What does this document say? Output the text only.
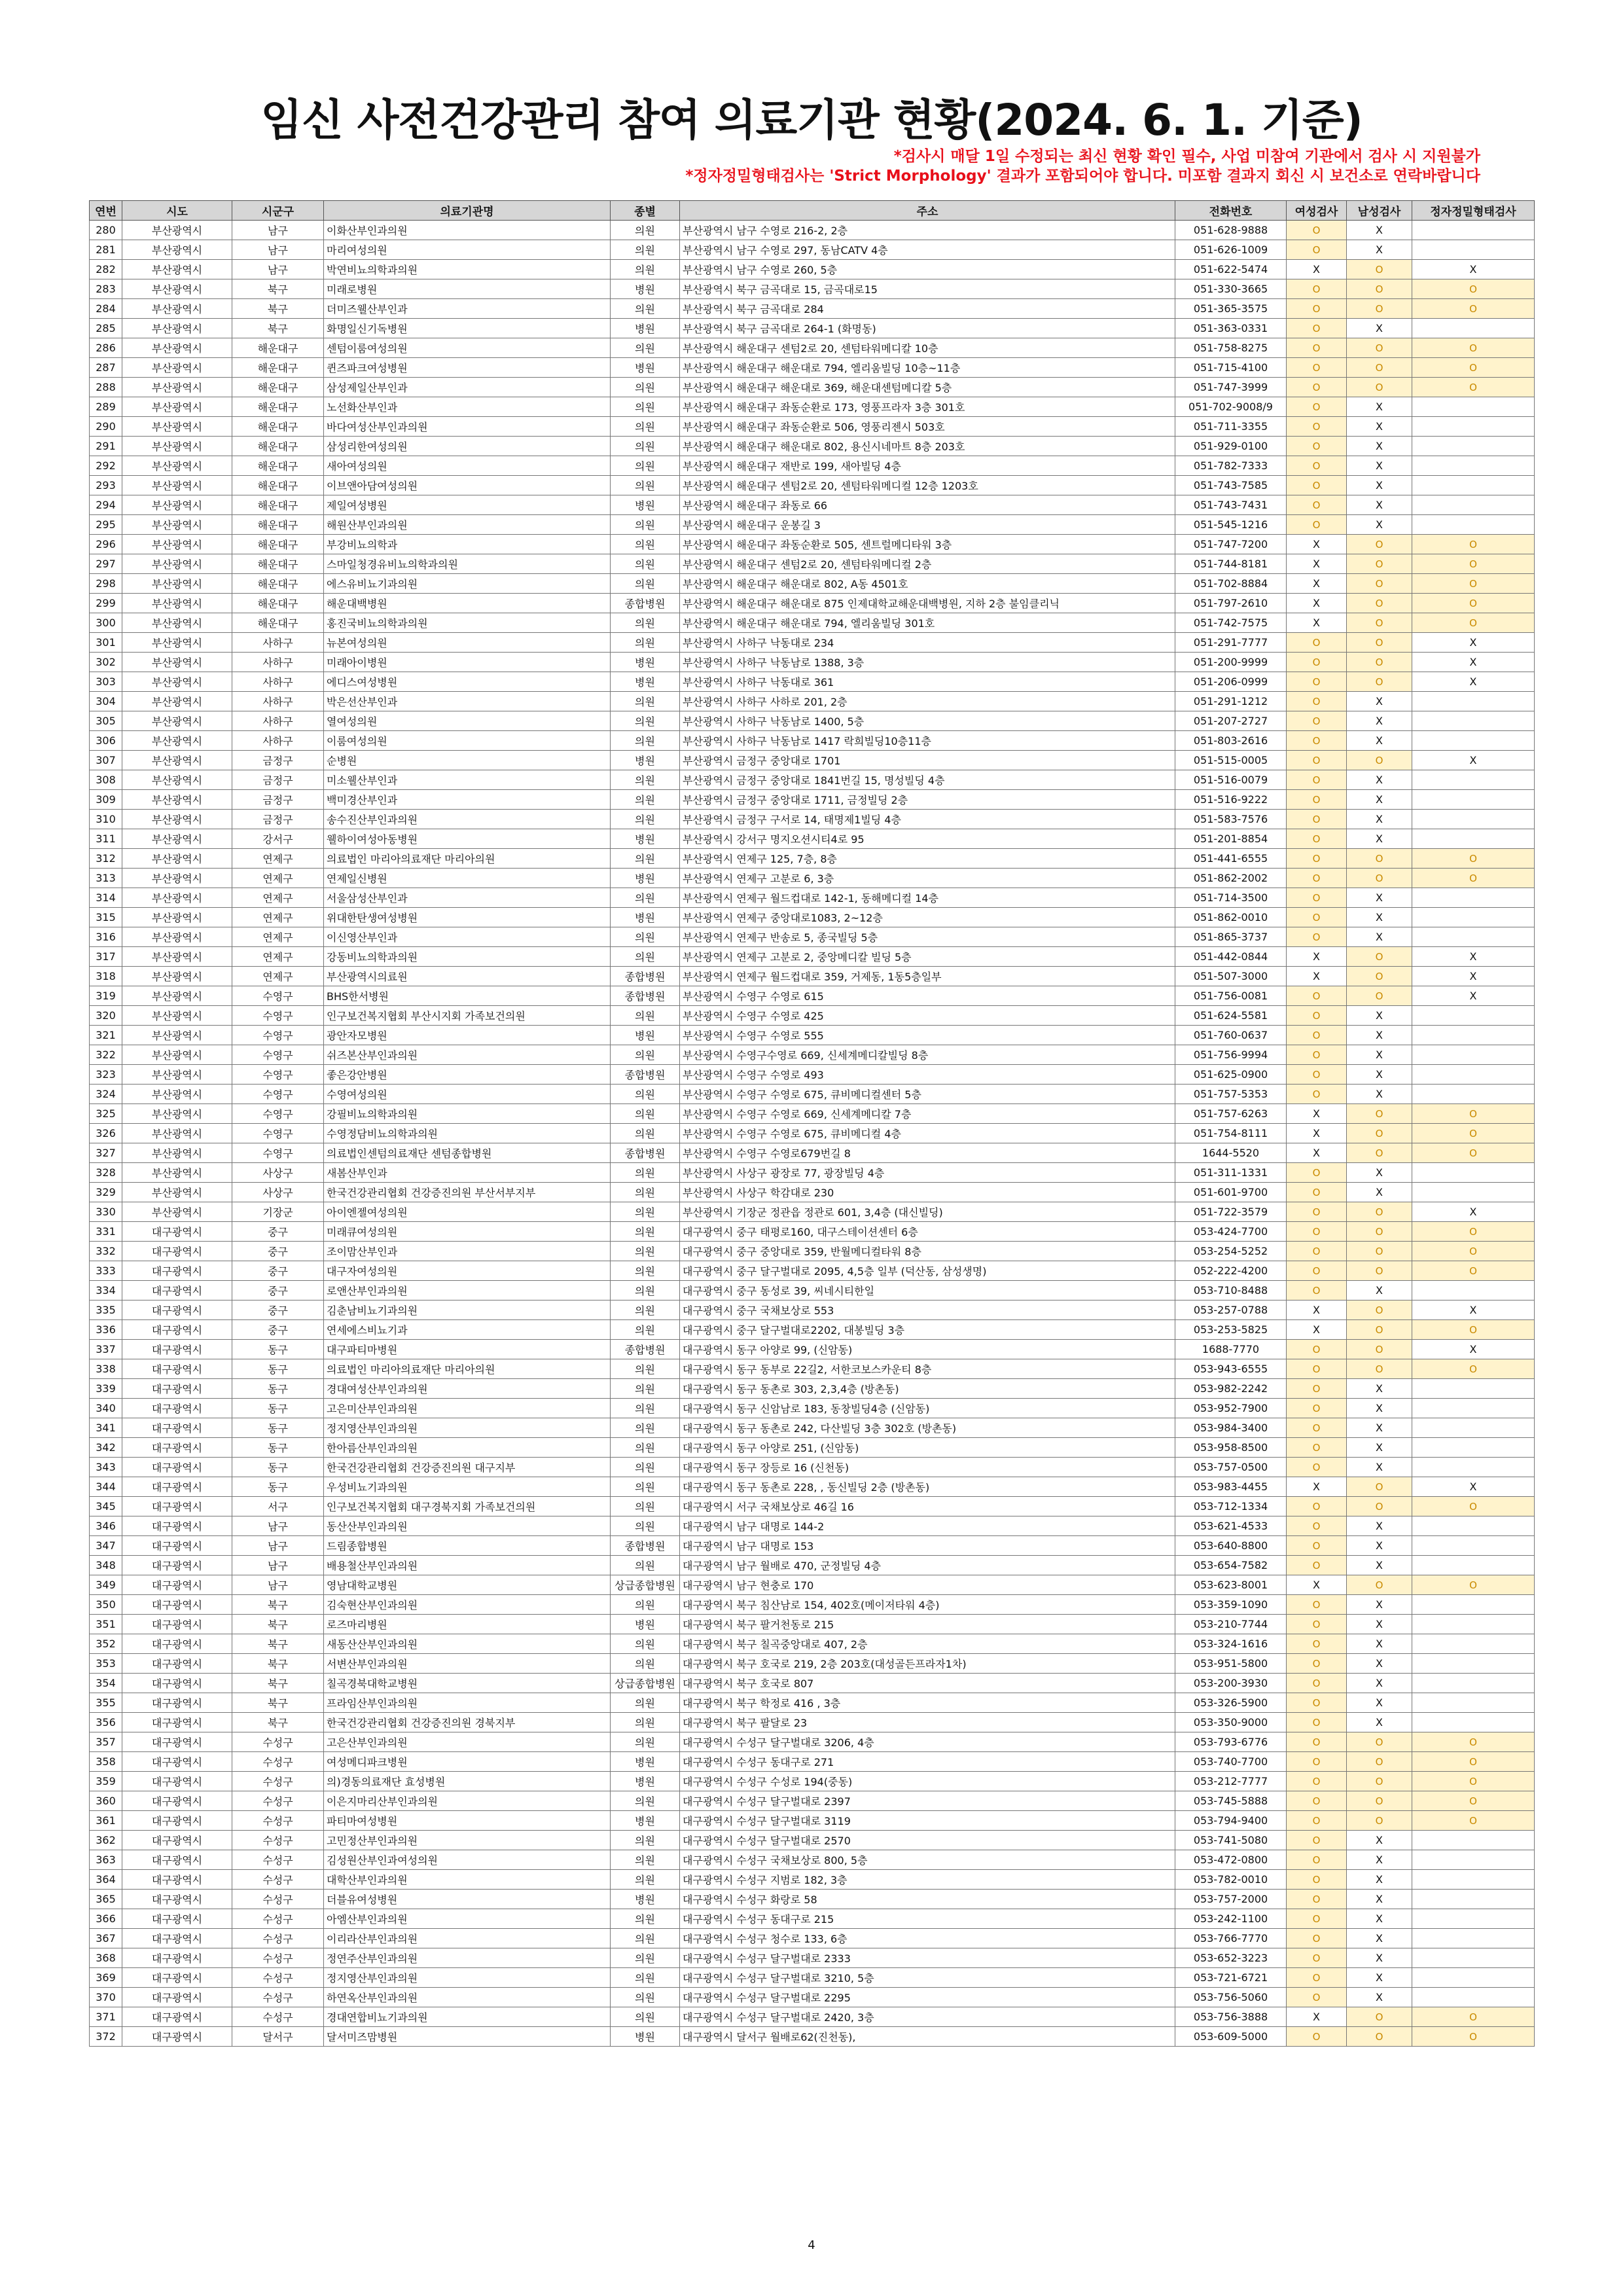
임신 사전건강관리 참여 의료기관 현황(2024. 6. 1. 기준)
*검사시 매달 1일 수정되는 최신 현황 확인 필수, 사업 미참여 기관에서 검사 시 지원불가
*정자정밀형태검사는 'Strict Morphology' 결과가 포함되어야 합니다. 미포함 결과지 회신 시 보건소로 연락바랍니다
연번	시도	시군구	의료기관명	종별	주소	전화번호	여성검사	남성검사	정자정밀형태검사
280	부산광역시	남구	이화산부인과의원	의원	부산광역시 남구 수영로 216-2, 2층	051-628-9888	O	X	
281	부산광역시	남구	마리여성의원	의원	부산광역시 남구 수영로 297, 동남CATV 4층	051-626-1009	O	X	
282	부산광역시	남구	박연비뇨의학과의원	의원	부산광역시 남구 수영로 260, 5층	051-622-5474	X	O	X
283	부산광역시	북구	미래로병원	병원	부산광역시 북구 금곡대로 15, 금곡대로15	051-330-3665	O	O	O
284	부산광역시	북구	더미즈웰산부인과	의원	부산광역시 북구 금곡대로 284	051-365-3575	O	O	O
285	부산광역시	북구	화명일신기독병원	병원	부산광역시 북구 금곡대로 264-1 (화명동)	051-363-0331	O	X	
286	부산광역시	해운대구	센텀이룸여성의원	의원	부산광역시 해운대구 센텀2로 20, 센텀타워메디칼 10층	051-758-8275	O	O	O
287	부산광역시	해운대구	퀸즈파크여성병원	병원	부산광역시 해운대구 해운대로 794, 엘리움빌딩 10층~11층	051-715-4100	O	O	O
288	부산광역시	해운대구	삼성제일산부인과	의원	부산광역시 해운대구 해운대로 369, 해운대센텀메디칼 5층	051-747-3999	O	O	O
289	부산광역시	해운대구	노선화산부인과	의원	부산광역시 해운대구 좌동순환로 173, 영풍프라자 3층 301호	051-702-9008/9	O	X	
290	부산광역시	해운대구	바다여성산부인과의원	의원	부산광역시 해운대구 좌동순환로 506, 영풍리젠시 503호	051-711-3355	O	X	
291	부산광역시	해운대구	삼성리한여성의원	의원	부산광역시 해운대구 해운대로 802, 용신시네마트 8층 203호	051-929-0100	O	X	
292	부산광역시	해운대구	새아여성의원	의원	부산광역시 해운대구 재반로 199, 새아빌딩 4층	051-782-7333	O	X	
293	부산광역시	해운대구	이브앤아담여성의원	의원	부산광역시 해운대구 센텀2로 20, 센텀타워메디컬 12층 1203호	051-743-7585	O	X	
294	부산광역시	해운대구	제일여성병원	병원	부산광역시 해운대구 좌동로 66	051-743-7431	O	X	
295	부산광역시	해운대구	해원산부인과의원	의원	부산광역시 해운대구 운봉길 3	051-545-1216	O	X	
296	부산광역시	해운대구	부강비뇨의학과	의원	부산광역시 해운대구 좌동순환로 505, 센트럴메디타워 3층	051-747-7200	X	O	O
297	부산광역시	해운대구	스마일청경유비뇨의학과의원	의원	부산광역시 해운대구 센텀2로 20, 센텀타워메디컬 2층	051-744-8181	X	O	O
298	부산광역시	해운대구	에스유비뇨기과의원	의원	부산광역시 해운대구 해운대로 802, A동 4501호	051-702-8884	X	O	O
299	부산광역시	해운대구	해운대백병원	종합병원	부산광역시 해운대구 해운대로 875 인제대학교해운대백병원, 지하 2층 불임클리닉	051-797-2610	X	O	O
300	부산광역시	해운대구	홍진국비뇨의학과의원	의원	부산광역시 해운대구 해운대로 794, 엘리움빌딩 301호	051-742-7575	X	O	O
301	부산광역시	사하구	뉴본여성의원	의원	부산광역시 사하구 낙동대로 234	051-291-7777	O	O	X
302	부산광역시	사하구	미래아이병원	병원	부산광역시 사하구 낙동남로 1388, 3층	051-200-9999	O	O	X
303	부산광역시	사하구	에디스여성병원	병원	부산광역시 사하구 낙동대로 361	051-206-0999	O	O	X
304	부산광역시	사하구	박은선산부인과	의원	부산광역시 사하구 사하로 201, 2층	051-291-1212	O	X	
305	부산광역시	사하구	열여성의원	의원	부산광역시 사하구 낙동남로 1400, 5층	051-207-2727	O	X	
306	부산광역시	사하구	이룸여성의원	의원	부산광역시 사하구 낙동남로 1417 락희빌딩10층11층	051-803-2616	O	X	
307	부산광역시	금정구	순병원	병원	부산광역시 금정구 중앙대로 1701	051-515-0005	O	O	X
308	부산광역시	금정구	미소웰산부인과	의원	부산광역시 금정구 중앙대로 1841번길 15, 명성빌딩 4층	051-516-0079	O	X	
309	부산광역시	금정구	백미경산부인과	의원	부산광역시 금정구 중앙대로 1711, 금정빌딩 2층	051-516-9222	O	X	
310	부산광역시	금정구	송수진산부인과의원	의원	부산광역시 금정구 구서로 14, 태명제1빌딩 4층	051-583-7576	O	X	
311	부산광역시	강서구	웰하이여성아동병원	병원	부산광역시 강서구 명지오션시티4로 95	051-201-8854	O	X	
312	부산광역시	연제구	의료법인 마리아의료재단 마리아의원	의원	부산광역시 연제구 125, 7층, 8층	051-441-6555	O	O	O
313	부산광역시	연제구	연제일신병원	병원	부산광역시 연제구 고분로 6, 3층	051-862-2002	O	O	O
314	부산광역시	연제구	서울삼성산부인과	의원	부산광역시 연제구 월드컵대로 142-1, 동해메디컬 14층	051-714-3500	O	X	
315	부산광역시	연제구	위대한탄생여성병원	병원	부산광역시 연제구 중앙대로1083, 2~12층	051-862-0010	O	X	
316	부산광역시	연제구	이신영산부인과	의원	부산광역시 연제구 반송로 5, 종국빌딩 5층	051-865-3737	O	X	
317	부산광역시	연제구	강동비뇨의학과의원	의원	부산광역시 연제구 고분로 2, 중앙메디칼 빌딩 5층	051-442-0844	X	O	X
318	부산광역시	연제구	부산광역시의료원	종합병원	부산광역시 연제구 월드컵대로 359, 거제동, 1동5층일부	051-507-3000	X	O	X
319	부산광역시	수영구	BHS한서병원	종합병원	부산광역시 수영구 수영로 615	051-756-0081	O	O	X
320	부산광역시	수영구	인구보건복지협회 부산시지회 가족보건의원	의원	부산광역시 수영구 수영로 425	051-624-5581	O	X	
321	부산광역시	수영구	광안자모병원	병원	부산광역시 수영구 수영로 555	051-760-0637	O	X	
322	부산광역시	수영구	쉬즈본산부인과의원	의원	부산광역시 수영구수영로 669, 신세계메디칼빌딩 8층	051-756-9994	O	X	
323	부산광역시	수영구	좋은강안병원	종합병원	부산광역시 수영구 수영로 493	051-625-0900	O	X	
324	부산광역시	수영구	수영여성의원	의원	부산광역시 수영구 수영로 675, 큐비메디컬센터 5층	051-757-5353	O	X	
325	부산광역시	수영구	강필비뇨의학과의원	의원	부산광역시 수영구 수영로 669, 신세계메디칼 7층	051-757-6263	X	O	O
326	부산광역시	수영구	수영정담비뇨의학과의원	의원	부산광역시 수영구 수영로 675, 큐비메디컬 4층	051-754-8111	X	O	O
327	부산광역시	수영구	의료법인센텀의료재단 센텀종합병원	종합병원	부산광역시 수영구 수영로679번길 8	1644-5520	X	O	O
328	부산광역시	사상구	새봄산부인과	의원	부산광역시 사상구 광장로 77, 광장빌딩 4층	051-311-1331	O	X	
329	부산광역시	사상구	한국건강관리협회 건강증진의원 부산서부지부	의원	부산광역시 사상구 학감대로 230	051-601-9700	O	X	
330	부산광역시	기장군	아이엔젤여성의원	의원	부산광역시 기장군 정관읍 정관로 601, 3,4층 (대신빌딩)	051-722-3579	O	O	X
331	대구광역시	중구	미래큐여성의원	의원	대구광역시 중구 태평로160, 대구스테이션센터 6층	053-424-7700	O	O	O
332	대구광역시	중구	조이맘산부인과	의원	대구광역시 중구 중앙대로 359, 반월메디컬타워 8층	053-254-5252	O	O	O
333	대구광역시	중구	대구자여성의원	의원	대구광역시 중구 달구벌대로 2095, 4,5층 일부 (덕산동, 삼성생명)	052-222-4200	O	O	O
334	대구광역시	중구	로앤산부인과의원	의원	대구광역시 중구 동성로 39, 씨네시티한일	053-710-8488	O	X	
335	대구광역시	중구	김춘남비뇨기과의원	의원	대구광역시 중구 국채보상로 553	053-257-0788	X	O	X
336	대구광역시	중구	연세에스비뇨기과	의원	대구광역시 중구 달구벌대로2202, 대봉빌딩 3층	053-253-5825	X	O	O
337	대구광역시	동구	대구파티마병원	종합병원	대구광역시 동구 아양로 99, (신암동)	1688-7770	O	O	X
338	대구광역시	동구	의료법인 마리아의료재단 마리아의원	의원	대구광역시 동구 동부로 22길2, 서한코보스카운티 8층	053-943-6555	O	O	O
339	대구광역시	동구	경대여성산부인과의원	의원	대구광역시 동구 동촌로 303, 2,3,4층 (방촌동)	053-982-2242	O	X	
340	대구광역시	동구	고은미산부인과의원	의원	대구광역시 동구 신암남로 183, 동창빌딩4층 (신암동)	053-952-7900	O	X	
341	대구광역시	동구	정지영산부인과의원	의원	대구광역시 동구 동촌로 242, 다산빌딩 3층 302호 (방촌동)	053-984-3400	O	X	
342	대구광역시	동구	한아름산부인과의원	의원	대구광역시 동구 아양로 251, (신암동)	053-958-8500	O	X	
343	대구광역시	동구	한국건강관리협회 건강증진의원 대구지부	의원	대구광역시 동구 장등로 16 (신천동)	053-757-0500	O	X	
344	대구광역시	동구	우성비뇨기과의원	의원	대구광역시 동구 동촌로 228, , 동신빌딩 2층 (방촌동)	053-983-4455	X	O	X
345	대구광역시	서구	인구보건복지협회 대구경북지회 가족보건의원	의원	대구광역시 서구 국채보상로 46길 16	053-712-1334	O	O	O
346	대구광역시	남구	동산산부인과의원	의원	대구광역시 남구 대명로 144-2	053-621-4533	O	X	
347	대구광역시	남구	드림종합병원	종합병원	대구광역시 남구 대명로 153	053-640-8800	O	X	
348	대구광역시	남구	배용철산부인과의원	의원	대구광역시 남구 월배로 470, 군정빌딩 4층	053-654-7582	O	X	
349	대구광역시	남구	영남대학교병원	상급종합병원	대구광역시 남구 현충로 170	053-623-8001	X	O	O
350	대구광역시	북구	김숙현산부인과의원	의원	대구광역시 북구 침산남로 154, 402호(메이저타워 4층)	053-359-1090	O	X	
351	대구광역시	북구	로즈마리병원	병원	대구광역시 북구 팔거천동로 215	053-210-7744	O	X	
352	대구광역시	북구	새동산산부인과의원	의원	대구광역시 북구 칠곡중앙대로 407, 2층	053-324-1616	O	X	
353	대구광역시	북구	서변산부인과의원	의원	대구광역시 북구 호국로 219, 2층 203호(대성골든프라자1차)	053-951-5800	O	X	
354	대구광역시	북구	칠곡경북대학교병원	상급종합병원	대구광역시 북구 호국로 807	053-200-3930	O	X	
355	대구광역시	북구	프라임산부인과의원	의원	대구광역시 북구 학정로 416 , 3층	053-326-5900	O	X	
356	대구광역시	북구	한국건강관리협회 건강증진의원 경북지부	의원	대구광역시 북구 팔달로 23	053-350-9000	O	X	
357	대구광역시	수성구	고은산부인과의원	의원	대구광역시 수성구 달구벌대로 3206, 4층	053-793-6776	O	O	O
358	대구광역시	수성구	여성메디파크병원	병원	대구광역시 수성구 동대구로 271	053-740-7700	O	O	O
359	대구광역시	수성구	의)경동의료재단 효성병원	병원	대구광역시 수성구 수성로 194(중동)	053-212-7777	O	O	O
360	대구광역시	수성구	이은지마리산부인과의원	의원	대구광역시 수성구 달구벌대로 2397	053-745-5888	O	O	O
361	대구광역시	수성구	파티마여성병원	병원	대구광역시 수성구 달구벌대로 3119	053-794-9400	O	O	O
362	대구광역시	수성구	고민정산부인과의원	의원	대구광역시 수성구 달구벌대로 2570	053-741-5080	O	X	
363	대구광역시	수성구	김성원산부인과여성의원	의원	대구광역시 수성구 국채보상로 800, 5층	053-472-0800	O	X	
364	대구광역시	수성구	대학산부인과의원	의원	대구광역시 수성구 지범로 182, 3층	053-782-0010	O	X	
365	대구광역시	수성구	더블유여성병원	병원	대구광역시 수성구 화랑로 58	053-757-2000	O	X	
366	대구광역시	수성구	아엠산부인과의원	의원	대구광역시 수성구 동대구로 215	053-242-1100	O	X	
367	대구광역시	수성구	이리라산부인과의원	의원	대구광역시 수성구 청수로 133, 6층	053-766-7770	O	X	
368	대구광역시	수성구	정연주산부인과의원	의원	대구광역시 수성구 달구벌대로 2333	053-652-3223	O	X	
369	대구광역시	수성구	정지영산부인과의원	의원	대구광역시 수성구 달구벌대로 3210, 5층	053-721-6721	O	X	
370	대구광역시	수성구	하연옥산부인과의원	의원	대구광역시 수성구 달구벌대로 2295	053-756-5060	O	X	
371	대구광역시	수성구	경대연합비뇨기과의원	의원	대구광역시 수성구 달구벌대로 2420, 3층	053-756-3888	X	O	O
372	대구광역시	달서구	달서미즈맘병원	병원	대구광역시 달서구 월배로62(진천동),	053-609-5000	O	O	O
4
